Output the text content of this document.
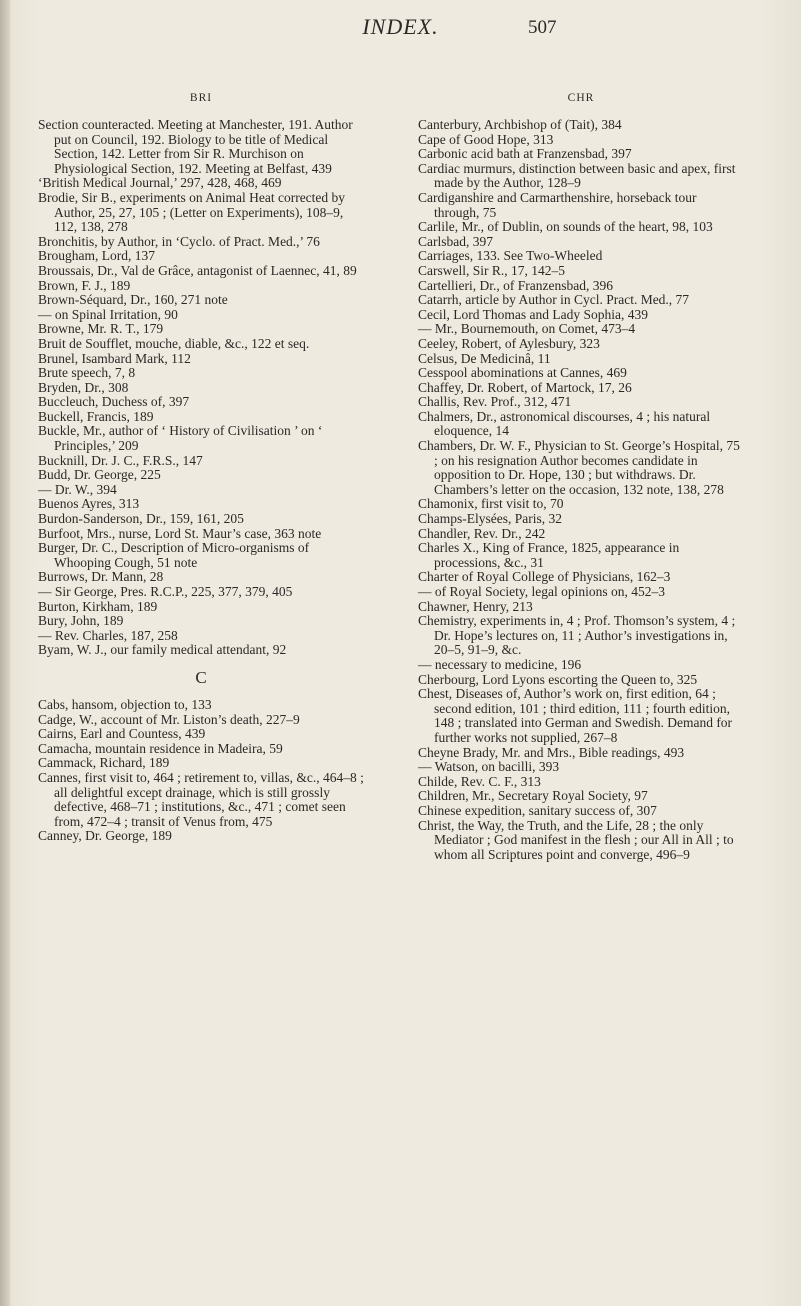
INDEX.	507
BRI
Section counteracted. Meeting at Manchester, 191. Author put on Council, 192. Biology to be title of Medical Section, 142. Letter from Sir R. Murchison on Physiological Section, 192. Meeting at Belfast, 439
‘British Medical Journal,’ 297, 428, 468, 469
Brodie, Sir B., experiments on Animal Heat corrected by Author, 25, 27, 105 ; (Letter on Experiments), 108–9, 112, 138, 278
Bronchitis, by Author, in ‘Cyclo. of Pract. Med.,’ 76
Brougham, Lord, 137
Broussais, Dr., Val de Grâce, antagonist of Laennec, 41, 89
Brown, F. J., 189
Brown-Séquard, Dr., 160, 271 note
— on Spinal Irritation, 90
Browne, Mr. R. T., 179
Bruit de Soufflet, mouche, diable, &c., 122 et seq.
Brunel, Isambard Mark, 112
Brute speech, 7, 8
Bryden, Dr., 308
Buccleuch, Duchess of, 397
Buckell, Francis, 189
Buckle, Mr., author of ‘ History of Civilisation ’ on ‘ Principles,’ 209
Bucknill, Dr. J. C., F.R.S., 147
Budd, Dr. George, 225
— Dr. W., 394
Buenos Ayres, 313
Burdon-Sanderson, Dr., 159, 161, 205
Burfoot, Mrs., nurse, Lord St. Maur’s case, 363 note
Burger, Dr. C., Description of Micro-organisms of Whooping Cough, 51 note
Burrows, Dr. Mann, 28
— Sir George, Pres. R.C.P., 225, 377, 379, 405
Burton, Kirkham, 189
Bury, John, 189
— Rev. Charles, 187, 258
Byam, W. J., our family medical attendant, 92
C
Cabs, hansom, objection to, 133
Cadge, W., account of Mr. Liston’s death, 227–9
Cairns, Earl and Countess, 439
Camacha, mountain residence in Madeira, 59
Cammack, Richard, 189
Cannes, first visit to, 464 ; retirement to, villas, &c., 464–8 ; all delightful except drainage, which is still grossly defective, 468–71 ; institutions, &c., 471 ; comet seen from, 472–4 ; transit of Venus from, 475
Canney, Dr. George, 189
CHR
Canterbury, Archbishop of (Tait), 384
Cape of Good Hope, 313
Carbonic acid bath at Franzensbad, 397
Cardiac murmurs, distinction between basic and apex, first made by the Author, 128–9
Cardiganshire and Carmarthenshire, horseback tour through, 75
Carlile, Mr., of Dublin, on sounds of the heart, 98, 103
Carlsbad, 397
Carriages, 133. See Two-Wheeled
Carswell, Sir R., 17, 142–5
Cartellieri, Dr., of Franzensbad, 396
Catarrh, article by Author in Cycl. Pract. Med., 77
Cecil, Lord Thomas and Lady Sophia, 439
— Mr., Bournemouth, on Comet, 473–4
Ceeley, Robert, of Aylesbury, 323
Celsus, De Medicinâ, 11
Cesspool abominations at Cannes, 469
Chaffey, Dr. Robert, of Martock, 17, 26
Challis, Rev. Prof., 312, 471
Chalmers, Dr., astronomical discourses, 4 ; his natural eloquence, 14
Chambers, Dr. W. F., Physician to St. George’s Hospital, 75 ; on his resignation Author becomes candidate in opposition to Dr. Hope, 130 ; but withdraws. Dr. Chambers’s letter on the occasion, 132 note, 138, 278
Chamonix, first visit to, 70
Champs-Elysées, Paris, 32
Chandler, Rev. Dr., 242
Charles X., King of France, 1825, appearance in processions, &c., 31
Charter of Royal College of Physicians, 162–3
— of Royal Society, legal opinions on, 452–3
Chawner, Henry, 213
Chemistry, experiments in, 4 ; Prof. Thomson’s system, 4 ; Dr. Hope’s lectures on, 11 ; Author’s investigations in, 20–5, 91–9, &c.
— necessary to medicine, 196
Cherbourg, Lord Lyons escorting the Queen to, 325
Chest, Diseases of, Author’s work on, first edition, 64 ; second edition, 101 ; third edition, 111 ; fourth edition, 148 ; translated into German and Swedish. Demand for further works not supplied, 267–8
Cheyne Brady, Mr. and Mrs., Bible readings, 493
— Watson, on bacilli, 393
Childe, Rev. C. F., 313
Children, Mr., Secretary Royal Society, 97
Chinese expedition, sanitary success of, 307
Christ, the Way, the Truth, and the Life, 28 ; the only Mediator ; God manifest in the flesh ; our All in All ; to whom all Scriptures point and converge, 496–9
